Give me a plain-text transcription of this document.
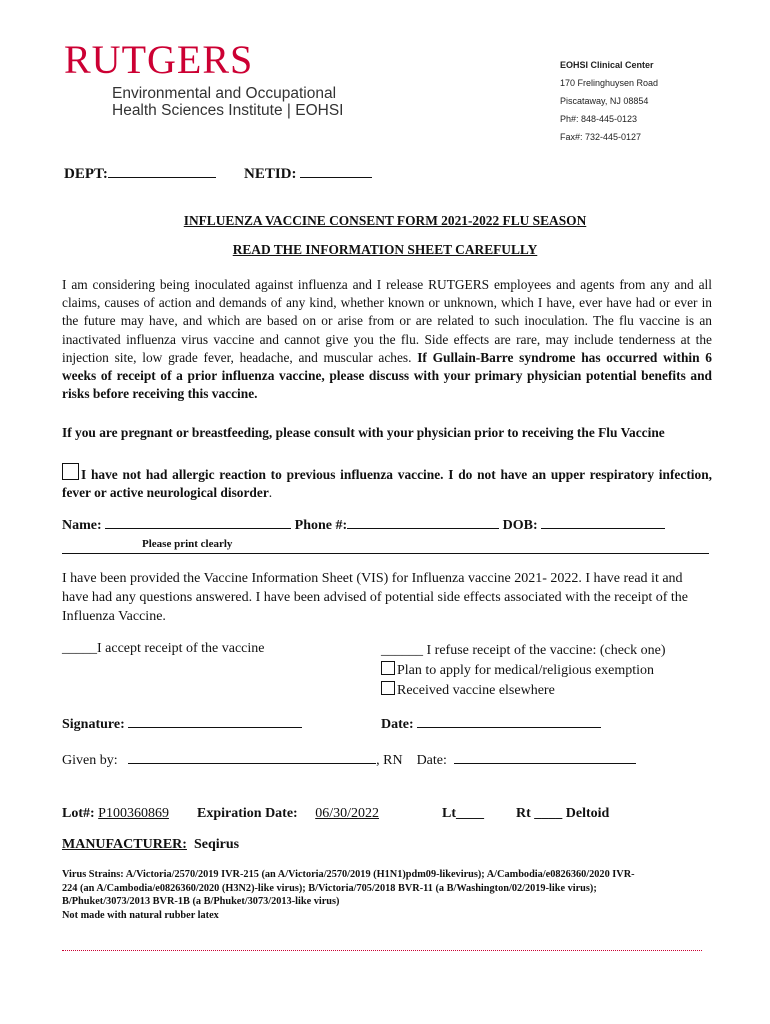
RUTGERS
Environmental and Occupational
Health Sciences Institute | EOHSI
EOHSI Clinical Center
170 Frelinghuysen Road
Piscataway, NJ 08854
Ph#: 848-445-0123
Fax#: 732-445-0127
DEPT:	NETID:
INFLUENZA VACCINE CONSENT FORM 2021-2022 FLU SEASON
READ THE INFORMATION SHEET CAREFULLY
I am considering being inoculated against influenza and I release RUTGERS employees and agents from any and all claims, causes of action and demands of any kind, whether known or unknown, which I have, ever have had or ever in the future may have, and which are based on or arise from or are related to such inoculation. The flu vaccine is an inactivated influenza virus vaccine and cannot give you the flu. Side effects are rare, may include tenderness at the injection site, low grade fever, headache, and muscular aches. If Gullain-Barre syndrome has occurred within 6 weeks of receipt of a prior influenza vaccine, please discuss with your primary physician potential benefits and risks before receiving this vaccine.
If you are pregnant or breastfeeding, please consult with your physician prior to receiving the Flu Vaccine
I have not had allergic reaction to previous influenza vaccine. I do not have an upper respiratory infection, fever or active neurological disorder.
Name:	Phone #:	DOB:
Please print clearly
I have been provided the Vaccine Information Sheet (VIS) for Influenza vaccine 2021- 2022. I have read it and have had any questions answered. I have been advised of potential side effects associated with the receipt of the Influenza Vaccine.
_____I accept receipt of the vaccine	______ I refuse receipt of the vaccine: (check one)
Plan to apply for medical/religious exemption
Received vaccine elsewhere
Signature:	Date:
Given by:	, RN Date:
Lot#: P100360869 Expiration Date: 06/30/2022	Lt____ Rt ____ Deltoid
MANUFACTURER: Seqirus
Virus Strains: A/Victoria/2570/2019 IVR-215 (an A/Victoria/2570/2019 (H1N1)pdm09-likevirus); A/Cambodia/e0826360/2020 IVR-
224 (an A/Cambodia/e0826360/2020 (H3N2)-like virus); B/Victoria/705/2018 BVR-11 (a B/Washington/02/2019-like virus);
B/Phuket/3073/2013 BVR-1B (a B/Phuket/3073/2013-like virus)
Not made with natural rubber latex
